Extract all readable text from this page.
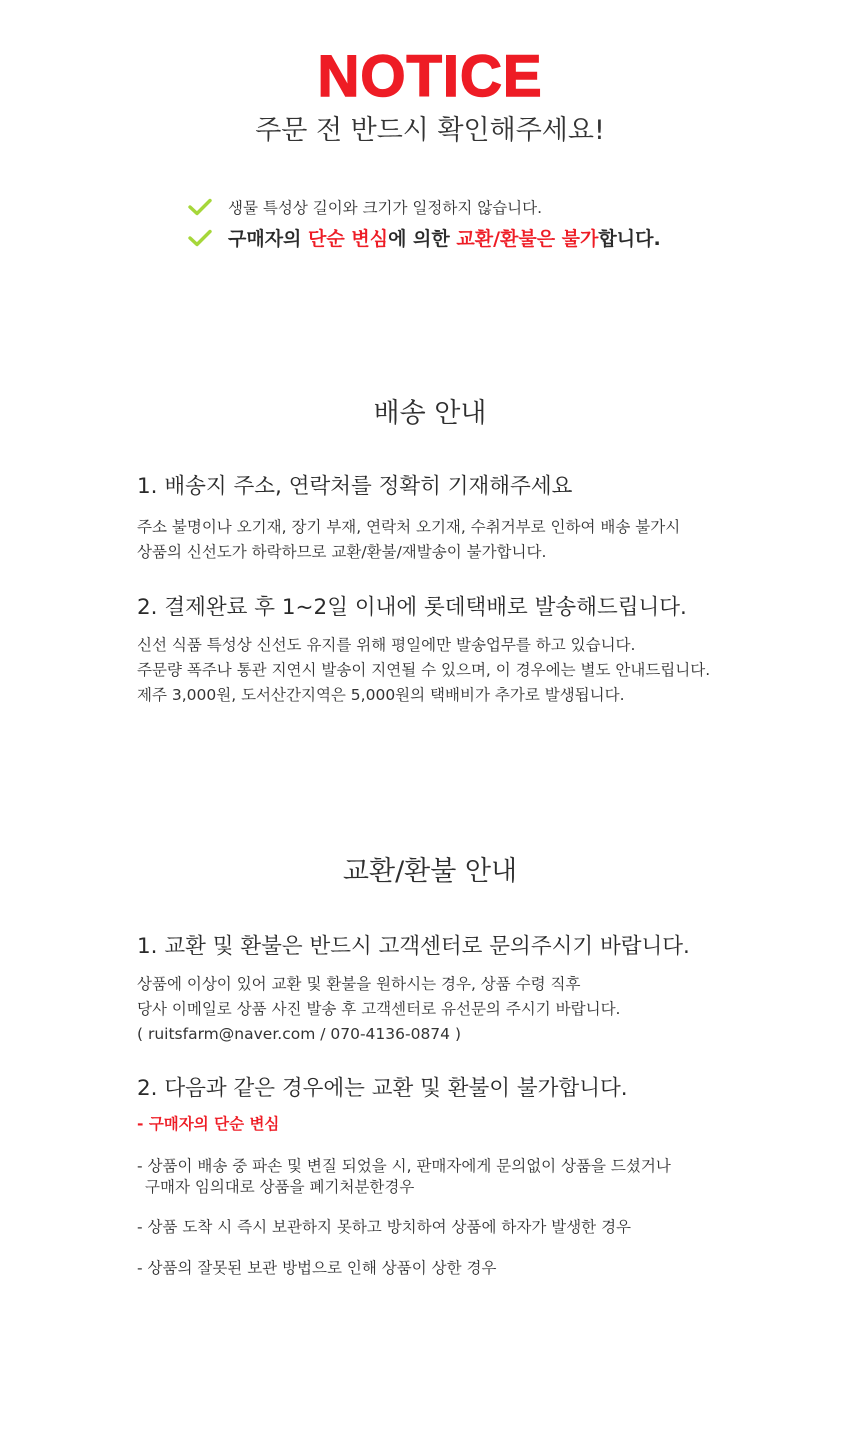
NOTICE
주문 전 반드시 확인해주세요!
생물 특성상 길이와 크기가 일정하지 않습니다.
구매자의 단순 변심에 의한 교환/환불은 불가합니다.
배송 안내
1. 배송지 주소, 연락처를 정확히 기재해주세요
주소 불명이나 오기재, 장기 부재, 연락처 오기재, 수취거부로 인하여 배송 불가시
상품의 신선도가 하락하므로 교환/환불/재발송이 불가합니다.
2. 결제완료 후 1~2일 이내에 롯데택배로 발송해드립니다.
신선 식품 특성상 신선도 유지를 위해 평일에만 발송업무를 하고 있습니다.
주문량 폭주나 통관 지연시 발송이 지연될 수 있으며, 이 경우에는 별도 안내드립니다.
제주 3,000원, 도서산간지역은 5,000원의 택배비가 추가로 발생됩니다.
교환/환불 안내
1. 교환 및 환불은 반드시 고객센터로 문의주시기 바랍니다.
상품에 이상이 있어 교환 및 환불을 원하시는 경우, 상품 수령 직후
당사 이메일로 상품 사진 발송 후 고객센터로 유선문의 주시기 바랍니다.
( ruitsfarm@naver.com / 070-4136-0874 )
2. 다음과 같은 경우에는 교환 및 환불이 불가합니다.
- 구매자의 단순 변심
- 상품이 배송 중 파손 및 변질 되었을 시, 판매자에게 문의없이 상품을 드셨거나
구매자 임의대로 상품을 폐기처분한경우
- 상품 도착 시 즉시 보관하지 못하고 방치하여 상품에 하자가 발생한 경우
- 상품의 잘못된 보관 방법으로 인해 상품이 상한 경우
